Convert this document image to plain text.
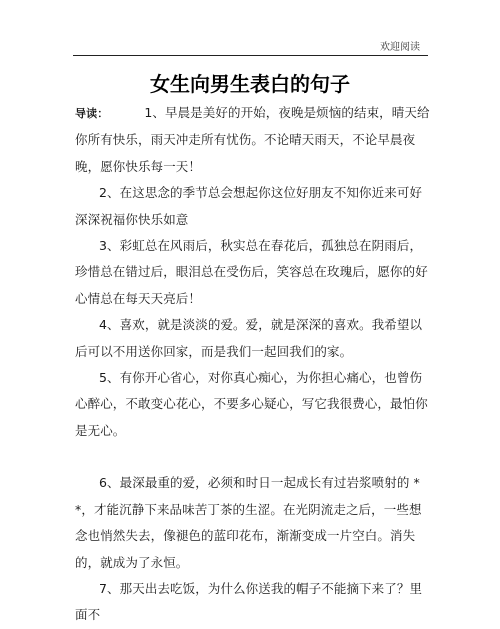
欢迎阅读
女生向男生表白的句子

导读：	1、早晨是美好的开始，夜晚是烦恼的结束，晴天给你所有快乐，雨天冲走所有忧伤。不论晴天雨天，不论早晨夜晚，愿你快乐每一天！

2、在这思念的季节总会想起你这位好朋友不知你近来可好深深祝福你快乐如意

3、彩虹总在风雨后，秋实总在春花后，孤独总在阴雨后，珍惜总在错过后，眼泪总在受伤后，笑容总在玫瑰后，愿你的好心情总在每天天亮后！

4、喜欢，就是淡淡的爱。爱，就是深深的喜欢。我希望以后可以不用送你回家，而是我们一起回我们的家。

5、有你开心省心，对你真心痴心，为你担心痛心，也曾伤心醉心，不敢变心花心，不要多心疑心，写它我很费心，最怕你是无心。

6、最深最重的爱，必须和时日一起成长有过岩浆喷射的 **，才能沉静下来品味苦丁茶的生涩。在光阴流走之后，一些想念也悄然失去，像褪色的蓝印花布，渐渐变成一片空白。消失的，就成为了永恒。

7、那天出去吃饭，为什么你送我的帽子不能摘下来了？里面不
